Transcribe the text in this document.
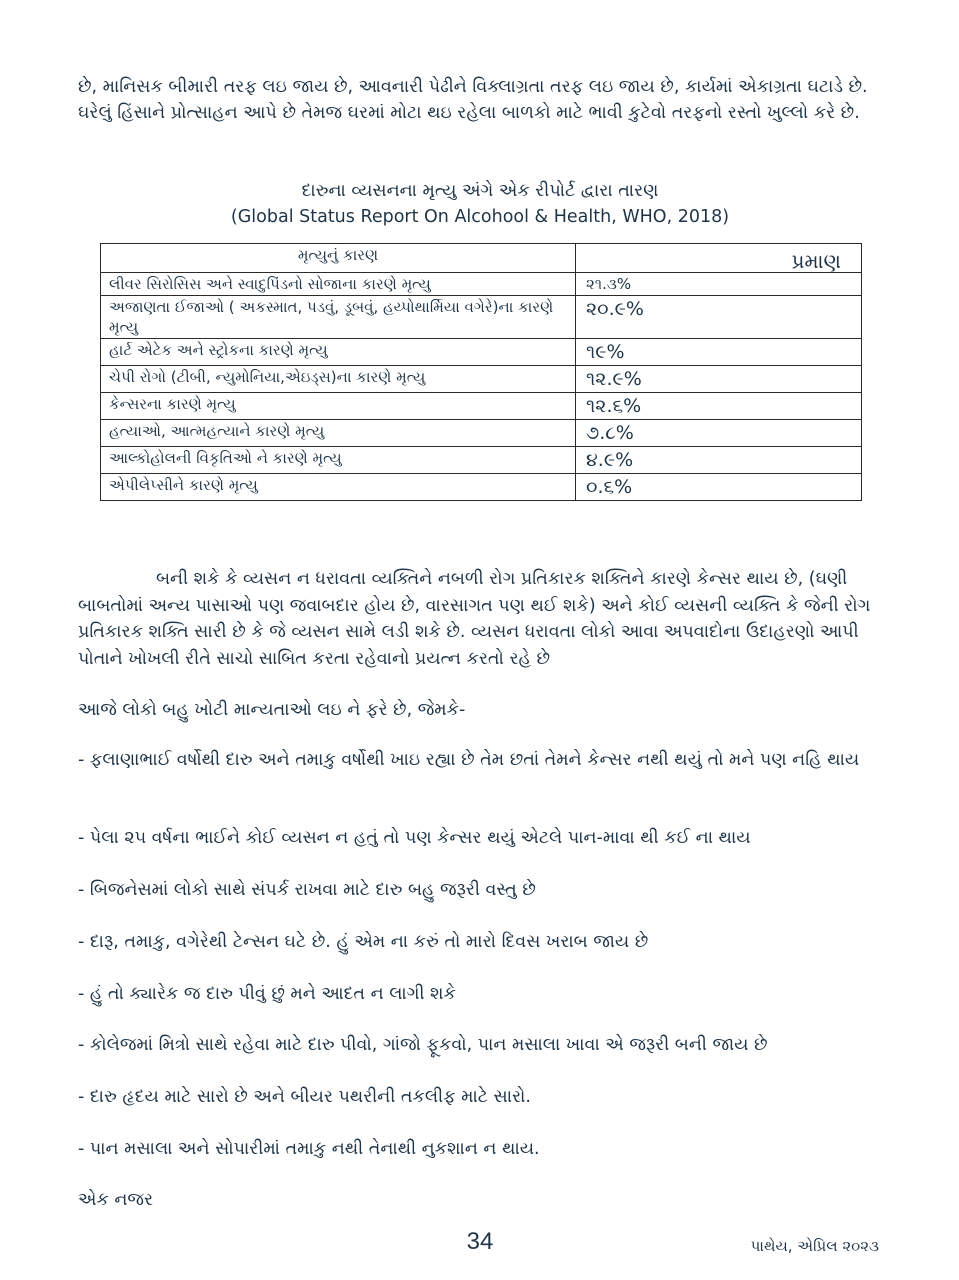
છે, માનિસક બીમારી તરફ લઇ જાય છે, આવનારી પેઢીને વિક્લાગ્રતા તરફ લઇ જાય છે, કાર્યમાં એકાગ્રતા ઘટાડે છે. ઘરેલું હિંસાને પ્રોત્સાહન આપે છે તેમજ ઘરમાં મોટા થઇ રહેલા બાળકો માટે ભાવી કુટેવો તરફનો રસ્તો ખુલ્લો કરે છે.

દારુના વ્યસનના મૃત્યુ અંગે એક રીપોર્ટ દ્વારા તારણ

(Global Status Report On Alcohool & Health, WHO, 2018)

મૃત્યુનું કારણ	પ્રમાણ
લીવર સિરોસિસ અને સ્વાદુપિંડનો સોજાના કારણે મૃત્યુ	૨૧.૩%
અજાણતા ઈજાઓ ( અકસ્માત, પડવું, ડૂબવું, હય્પોથાર્મિયા વગેરે)ના કારણે મૃત્યુ	૨૦.૯%
હાર્ટ એટેક અને સ્ટ્રોકના કારણે મૃત્યુ	૧૯%
ચેપી રોગો (ટીબી, ન્યુમોનિયા,એઇડ્સ)ના કારણે મૃત્યુ	૧૨.૯%
કેન્સરના કારણે મૃત્યુ	૧૨.૬%
હત્યાઓ, આત્મહત્યાને કારણે મૃત્યુ	૭.૮%
આલ્કોહોલની વિકૃતિઓ ને કારણે મૃત્યુ	૪.૯%
એપીલેપ્સીને કારણે મૃત્યુ	૦.૬%

બની શકે કે વ્યસન ન ધરાવતા વ્યક્તિને નબળી રોગ પ્રતિકારક શક્તિને કારણે કેન્સર થાય છે, (ઘણી બાબતોમાં અન્ય પાસાઓ પણ જવાબદાર હોય છે, વારસાગત પણ થઈ શકે) અને કોઈ વ્યસની વ્યક્તિ કે જેની રોગ પ્રતિકારક શક્તિ સારી છે કે જે વ્યસન સામે લડી શકે છે. વ્યસન ધરાવતા લોકો આવા અપવાદોના ઉદાહરણો આપી પોતાને ખોખલી રીતે સાચો સાબિત કરતા રહેવાનો પ્રયત્ન કરતો રહે છે

આજે લોકો બહુ ખોટી માન્યતાઓ લઇ ને ફરે છે, જેમકે-

- ફલાણાભાઈ વર્ષોથી દારુ અને તમાકુ વર્ષોથી ખાઇ રહ્યા છે તેમ છતાં તેમને કેન્સર નથી થયું તો મને પણ નહિ થાય

- પેલા ૨૫ વર્ષના ભાઈને કોઈ વ્યસન ન હતું તો પણ કેન્સર થયું એટલે પાન-માવા થી કઈ ના થાય

- બિજનેસમાં લોકો સાથે સંપર્ક રાખવા માટે દારુ બહુ જરૂરી વસ્તુ છે

- દારૂ, તમાકુ, વગેરેથી ટેન્સન ઘટે છે. હું એમ ના કરું તો મારો દિવસ ખરાબ જાય છે

- હું તો ક્યારેક જ દારુ પીવું છું મને આદત ન લાગી શકે

- કોલેજમાં મિત્રો સાથે રહેવા માટે દારુ પીવો, ગાંજો ફૂકવો, પાન મસાલા ખાવા એ જરૂરી બની જાય છે

- દારુ હૃદય માટે સારો છે અને બીયર પથરીની તકલીફ માટે સારો.

- પાન મસાલા અને સોપારીમાં તમાકુ નથી તેનાથી નુકશાન ન થાય.

એક નજર

34	પાથેય, એપ્રિલ ૨૦૨૩
